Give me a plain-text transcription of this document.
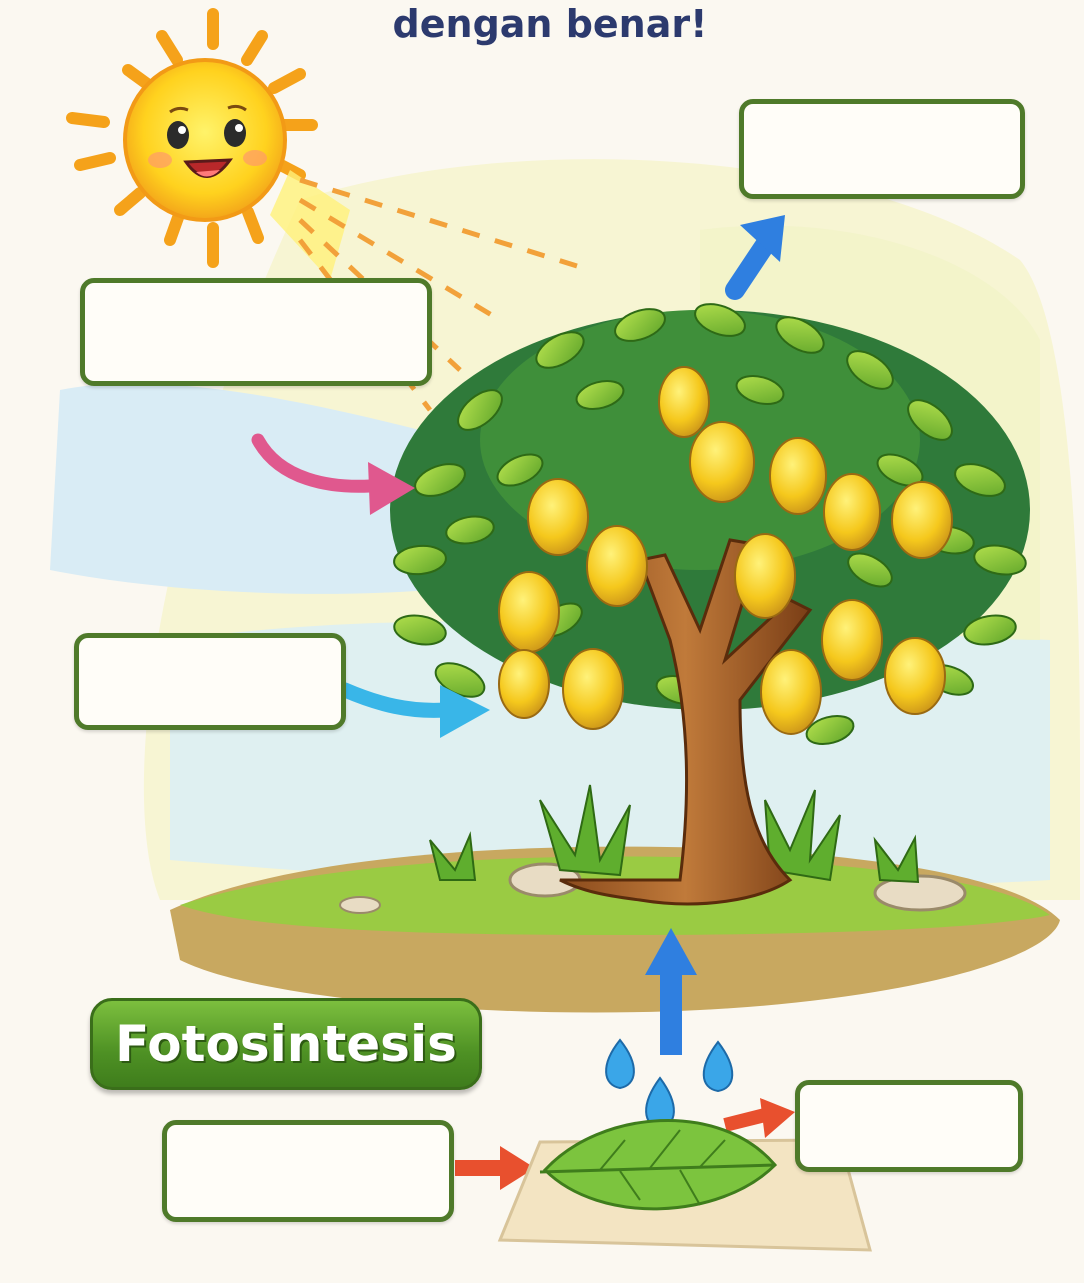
dengan benar!
Fotosintesis
